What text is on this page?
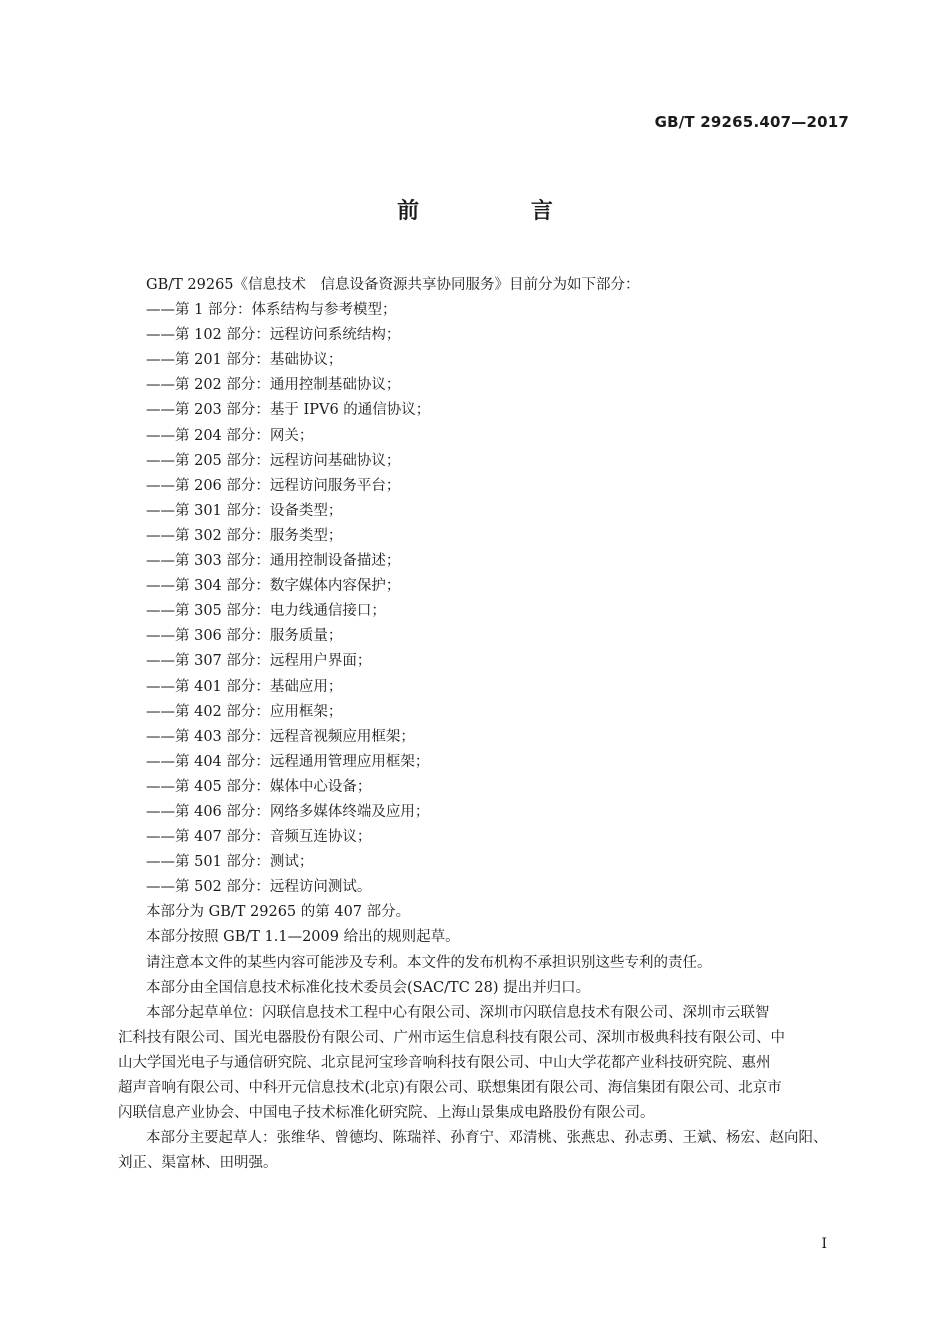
GB/T 29265.407—2017
前 言
GB/T 29265《信息技术　信息设备资源共享协同服务》目前分为如下部分：
——第 1 部分：体系结构与参考模型；
——第 102 部分：远程访问系统结构；
——第 201 部分：基础协议；
——第 202 部分：通用控制基础协议；
——第 203 部分：基于 IPV6 的通信协议；
——第 204 部分：网关；
——第 205 部分：远程访问基础协议；
——第 206 部分：远程访问服务平台；
——第 301 部分：设备类型；
——第 302 部分：服务类型；
——第 303 部分：通用控制设备描述；
——第 304 部分：数字媒体内容保护；
——第 305 部分：电力线通信接口；
——第 306 部分：服务质量；
——第 307 部分：远程用户界面；
——第 401 部分：基础应用；
——第 402 部分：应用框架；
——第 403 部分：远程音视频应用框架；
——第 404 部分：远程通用管理应用框架；
——第 405 部分：媒体中心设备；
——第 406 部分：网络多媒体终端及应用；
——第 407 部分：音频互连协议；
——第 501 部分：测试；
——第 502 部分：远程访问测试。
本部分为 GB/T 29265 的第 407 部分。
本部分按照 GB/T 1.1—2009 给出的规则起草。
请注意本文件的某些内容可能涉及专利。本文件的发布机构不承担识别这些专利的责任。
本部分由全国信息技术标准化技术委员会(SAC/TC 28) 提出并归口。
本部分起草单位：闪联信息技术工程中心有限公司、深圳市闪联信息技术有限公司、深圳市云联智
汇科技有限公司、国光电器股份有限公司、广州市运生信息科技有限公司、深圳市极典科技有限公司、中
山大学国光电子与通信研究院、北京昆河宝珍音响科技有限公司、中山大学花都产业科技研究院、惠州
超声音响有限公司、中科开元信息技术(北京)有限公司、联想集团有限公司、海信集团有限公司、北京市
闪联信息产业协会、中国电子技术标准化研究院、上海山景集成电路股份有限公司。
本部分主要起草人：张维华、曾德均、陈瑞祥、孙育宁、邓清桃、张燕忠、孙志勇、王斌、杨宏、赵向阳、
刘正、渠富林、田明强。
I
